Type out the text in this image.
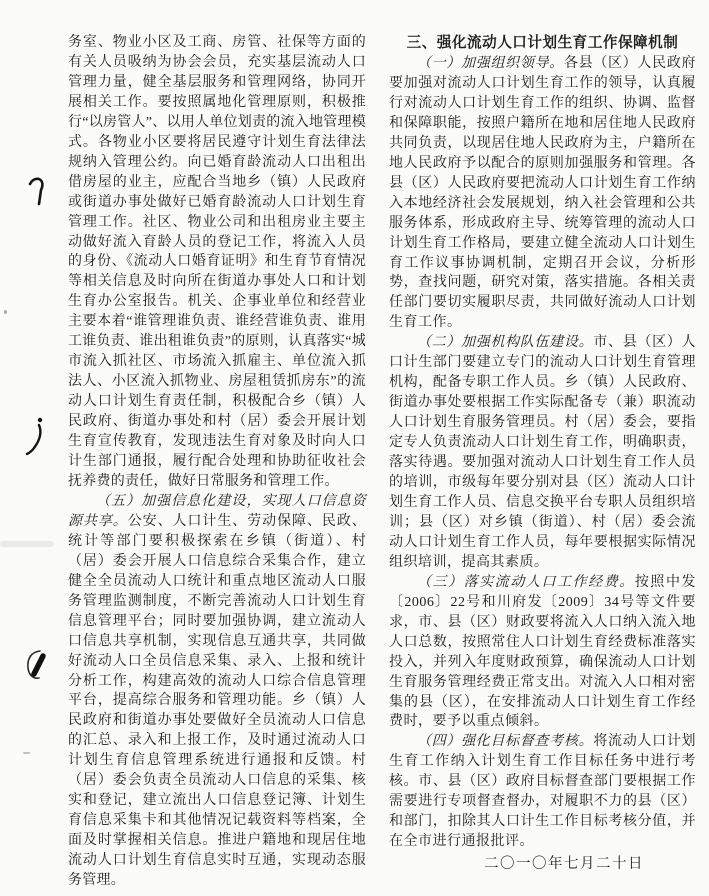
务室、物业小区及工商、房管、社保等方面的有关人员吸纳为协会会员，充实基层流动人口管理力量，健全基层服务和管理网络，协同开展相关工作。要按照属地化管理原则，积极推行“以房管人”、以用人单位划责的流入地管理模式。各物业小区要将居民遵守计划生育法律法规纳入管理公约。向已婚育龄流动人口出租出借房屋的业主，应配合当地乡（镇）人民政府或街道办事处做好已婚育龄流动人口计划生育管理工作。社区、物业公司和出租房业主要主动做好流入育龄人员的登记工作，将流入人员的身份、《流动人口婚育证明》和生育节育情况等相关信息及时向所在街道办事处人口和计划生育办公室报告。机关、企事业单位和经营业主要本着“谁管理谁负责、谁经营谁负责、谁用工谁负责、谁出租谁负责”的原则，认真落实“城市流入抓社区、市场流入抓雇主、单位流入抓法人、小区流入抓物业、房屋租赁抓房东”的流动人口计划生育责任制，积极配合乡（镇）人民政府、街道办事处和村（居）委会开展计划生育宣传教育，发现违法生育对象及时向人口计生部门通报，履行配合处理和协助征收社会抚养费的责任，做好日常服务和管理工作。

（五）加强信息化建设，实现人口信息资源共享。公安、人口计生、劳动保障、民政、统计等部门要积极探索在乡镇（街道）、村（居）委会开展人口信息综合采集合作，建立健全全员流动人口统计和重点地区流动人口服务管理监测制度，不断完善流动人口计划生育信息管理平台；同时要加强协调，建立流动人口信息共享机制，实现信息互通共享，共同做好流动人口全员信息采集、录入、上报和统计分析工作，构建高效的流动人口综合信息管理平台，提高综合服务和管理功能。乡（镇）人民政府和街道办事处要做好全员流动人口信息的汇总、录入和上报工作，及时通过流动人口计划生育信息管理系统进行通报和反馈。村（居）委会负责全员流动人口信息的采集、核实和登记，建立流出人口信息登记簿、计划生育信息采集卡和其他情况记载资料等档案，全面及时掌握相关信息。推进户籍地和现居住地流动人口计划生育信息实时互通，实现动态服务管理。

三、强化流动人口计划生育工作保障机制

（一）加强组织领导。各县（区）人民政府要加强对流动人口计划生育工作的领导，认真履行对流动人口计划生育工作的组织、协调、监督和保障职能，按照户籍所在地和居住地人民政府共同负责，以现居住地人民政府为主，户籍所在地人民政府予以配合的原则加强服务和管理。各县（区）人民政府要把流动人口计划生育工作纳入本地经济社会发展规划，纳入社会管理和公共服务体系，形成政府主导、统筹管理的流动人口计划生育工作格局，要建立健全流动人口计划生育工作议事协调机制，定期召开会议，分析形势，查找问题，研究对策，落实措施。各相关责任部门要切实履职尽责，共同做好流动人口计划生育工作。

（二）加强机构队伍建设。市、县（区）人口计生部门要建立专门的流动人口计划生育管理机构，配备专职工作人员。乡（镇）人民政府、街道办事处要根据工作实际配备专（兼）职流动人口计划生育服务管理员。村（居）委会，要指定专人负责流动人口计划生育工作，明确职责，落实待遇。要加强对流动人口计划生育工作人员的培训，市级每年要分别对县（区）流动人口计划生育工作人员、信息交换平台专职人员组织培训；县（区）对乡镇（街道）、村（居）委会流动人口计划生育工作人员，每年要根据实际情况组织培训，提高其素质。

（三）落实流动人口工作经费。按照中发〔2006〕22号和川府发〔2009〕34号等文件要求，市、县（区）财政要将流入人口纳入流入地人口总数，按照常住人口计划生育经费标准落实投入，并列入年度财政预算，确保流动人口计划生育服务管理经费正常支出。对流入人口相对密集的县（区），在安排流动人口计划生育工作经费时，要予以重点倾斜。

（四）强化目标督查考核。将流动人口计划生育工作纳入计划生育工作目标任务中进行考核。市、县（区）政府目标督查部门要根据工作需要进行专项督查督办，对履职不力的县（区）和部门，扣除其人口计生工作目标考核分值，并在全市进行通报批评。

二〇一〇年七月二十日
